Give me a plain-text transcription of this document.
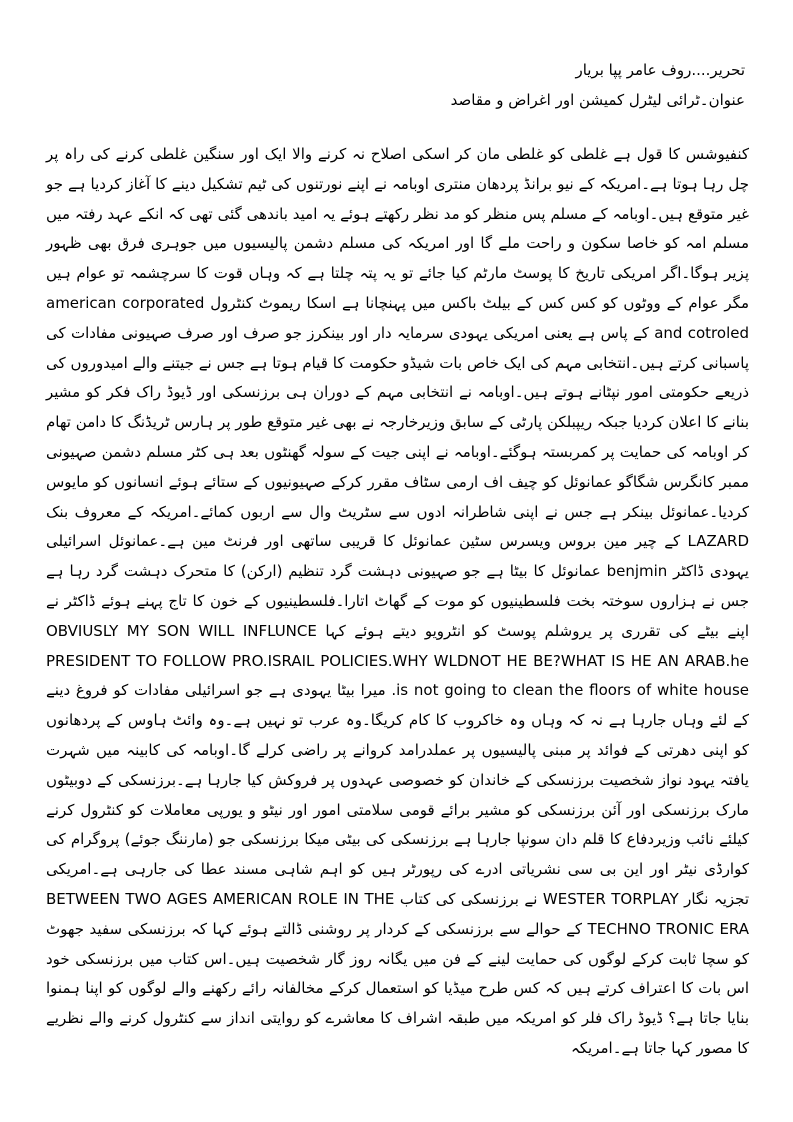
تحریر....روف عامر پپا بریار
عنوان۔ٹرائی لیٹرل کمیشن اور اغراض و مقاصد

کنفیوشس کا قول ہے غلطی کو غلطی مان کر اسکی اصلاح نہ کرنے والا ایک اور سنگین غلطی کرنے کی راہ پر چل رہا ہوتا ہے۔امریکہ کے نیو برانڈ پردھان منتری اوبامہ نے اپنے نورتنوں کی ٹیم تشکیل دینے کا آغاز کردیا ہے جو غیر متوقع ہیں۔اوبامہ کے مسلم پس منظر کو مد نظر رکھتے ہوئے یہ امید باندھی گئی تھی کہ انکے عہد رفتہ میں مسلم امہ کو خاصا سکون و راحت ملے گا اور امریکہ کی مسلم دشمن پالیسیوں میں جوہری فرق بھی ظہور پزیر ہوگا۔اگر امریکی تاریخ کا پوسٹ مارٹم کیا جائے تو یہ پتہ چلتا ہے کہ وہاں قوت کا سرچشمہ تو عوام ہیں مگر عوام کے ووٹوں کو کس کس کے بیلٹ باکس میں پہنچانا ہے اسکا ریموٹ کنٹرول american corporated and cotroled کے پاس ہے یعنی امریکی یہودی سرمایہ دار اور بینکرز جو صرف اور صرف صہیونی مفادات کی پاسبانی کرتے ہیں۔انتخابی مہم کی ایک خاص بات شیڈو حکومت کا قیام ہوتا ہے جس نے جیتنے والے امیدوروں کی ذریعے حکومتی امور نپٹانے ہوتے ہیں۔اوبامہ نے انتخابی مہم کے دوران ہی برزنسکی اور ڈیوڈ راک فکر کو مشیر بنانے کا اعلان کردیا جبکہ ریپبلکن پارٹی کے سابق وزیرخارجہ نے بھی غیر متوقع طور پر ہارس ٹریڈنگ کا دامن تھام کر اوبامہ کی حمایت پر کمربستہ ہوگئے۔اوبامہ نے اپنی جیت کے سولہ گھنٹوں بعد ہی کٹر مسلم دشمن صہیونی ممبر کانگرس شگاگو عمانوئل کو چیف اف ارمی سٹاف مقرر کرکے صہیونیوں کے ستائے ہوئے انسانوں کو مایوس کردیا۔عمانوئل بینکر ہے جس نے اپنی شاطرانہ ادوں سے سٹریٹ وال سے اربوں کمائے۔امریکہ کے معروف بنک LAZARD کے چیر مین بروس ویسرس سٹین عمانوئل کا قریبی ساتھی اور فرنٹ مین ہے۔عمانوئل اسرائیلی یہودی ڈاکٹر benjmin عمانوئل کا بیٹا ہے جو صہیونی دہشت گرد تنظیم (ارکن) کا متحرک دہشت گرد رہا ہے جس نے ہزاروں سوختہ بخت فلسطینیوں کو موت کے گھاٹ اتارا۔فلسطینیوں کے خون کا تاج پہنے ہوئے ڈاکٹر نے اپنے بیٹے کی تقرری پر یروشلم پوسٹ کو انٹرویو دیتے ہوئے کہا OBVIUSLY MY SON WILL INFLUNCE PRESIDENT TO FOLLOW PRO.ISRAIL POLICIES.WHY WLDNOT HE BE?WHAT IS HE AN ARAB.he is not going to clean the floors of white house. میرا بیٹا یہودی ہے جو اسرائیلی مفادات کو فروغ دینے کے لئے وہاں جارہا ہے نہ کہ وہاں وہ خاکروب کا کام کریگا۔وہ عرب تو نہیں ہے۔وہ وائٹ ہاوس کے پردھانوں کو اپنی دھرتی کے فوائد پر مبنی پالیسیوں پر عملدرامد کروانے پر راضی کرلے گا۔اوبامہ کی کابینہ میں شہرت یافتہ یہود نواز شخصیت برزنسکی کے خاندان کو خصوصی عہدوں پر فروکش کیا جارہا ہے۔برزنسکی کے دوبیٹوں مارک برزنسکی اور آئن برزنسکی کو مشیر برائے قومی سلامتی امور اور نیٹو و یورپی معاملات کو کنٹرول کرنے کیلئے نائب وزیردفاع کا قلم دان سونپا جارہا ہے برزنسکی کی بیٹی میکا برزنسکی جو (مارننگ جوئے) پروگرام کی کوارڈی نیٹر اور این بی سی نشریاتی ادرے کی رپورٹر ہیں کو اہم شاہی مسند عطا کی جارہی ہے۔امریکی تجزیہ نگار WESTER TORPLAY نے برزنسکی کی کتاب BETWEEN TWO AGES AMERICAN ROLE IN THE TECHNO TRONIC ERA کے حوالے سے برزنسکی کے کردار پر روشنی ڈالتے ہوئے کہا کہ برزنسکی سفید جھوٹ کو سچا ثابت کرکے لوگوں کی حمایت لینے کے فن میں یگانہ روز گار شخصیت ہیں۔اس کتاب میں برزنسکی خود اس بات کا اعتراف کرتے ہیں کہ کس طرح میڈیا کو استعمال کرکے مخالفانہ رائے رکھنے والے لوگوں کو اپنا ہمنوا بنایا جاتا ہے؟ ڈیوڈ راک فلر کو امریکہ میں طبقہ اشراف کا معاشرے کو روایتی انداز سے کنٹرول کرنے والے نظریے کا مصور کہا جاتا ہے۔امریکہ
